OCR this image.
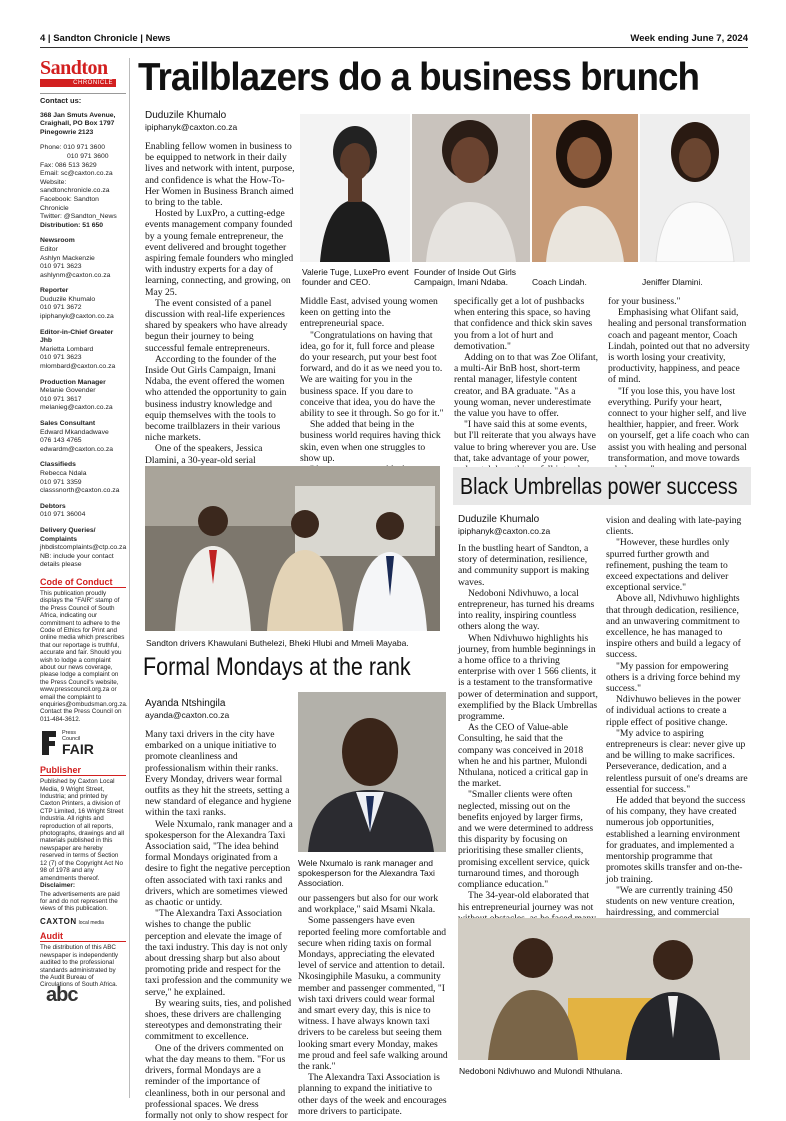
4 | Sandton Chronicle | News	Week ending June 7, 2024
Sandton
CHRONICLE
Contact us:
368 Jan Smuts Avenue, Craighall, PO Box 1797 Pinegowrie 2123
Phone: 010 971 3600
010 971 3600
Fax: 086 513 3629
Email: sc@caxton.co.za
Website: sandtonchronicle.co.za
Facebook: Sandton Chronicle
Twitter: @Sandton_News
Distribution: 51 650
Newsroom
Editor
Ashlyn Mackenzie
010 971 3623
ashlynm@caxton.co.za
Reporter
Duduzile Khumalo
010 971 3672
ipiphanyk@caxton.co.za
Editor-in-Chief Greater Jhb
Marietta Lombard
010 971 3623
mlombard@caxton.co.za
Production Manager
Melanie Govender
010 971 3617
melanieg@caxton.co.za
Sales Consultant
Edward Mkandadwave
076 143 4765
edwardm@caxton.co.za
Classifieds
Rebecca Ndala
010 971 3359
classsnorth@caxton.co.za
Debtors
010 971 36004
Delivery Queries/ Complaints
jhbdistcomplaints@ctp.co.za
NB: include your contact details please
Code of Conduct
This publication proudly displays the "FAIR" stamp of the Press Council of South Africa, indicating our commitment to adhere to the Code of Ethics for Print and online media which prescribes that our reportage is truthful, accurate and fair. Should you wish to lodge a complaint about our news coverage, please lodge a complaint on the Press Council's website, www.presscouncil.org.za or email the complaint to enquiries@ombudsman.org.za. Contact the Press Council on 011-484-3612.
Press Council
FAIR
Publisher
Published by Caxton Local Media, 9 Wright Street, Industria; and printed by Caxton Printers, a division of CTP Limited, 16 Wright Street Industria. All rights and reproduction of all reports, photographs, drawings and all materials published in this newspaper are hereby reserved in terms of Section 12 (7) of the Copyright Act No 98 of 1978 and any amendments thereof.
Disclaimer:
The advertisements are paid for and do not represent the views of this publication.
CAXTON local media
Audit
The distribution of this ABC newspaper is independently audited to the professional standards administrated by the Audit Bureau of Circulations of South Africa.
abc
Trailblazers do a business brunch
Duduzile Khumalo
ipiphanyk@caxton.co.za

Enabling fellow women in business to be equipped to network in their daily lives and network with intent, purpose, and confidence is what the How-To-Her Women in Business Branch aimed to bring to the table.

Hosted by LuxPro, a cutting-edge events management company founded by a young female entrepreneur, the event delivered and brought together aspiring female founders who mingled with industry experts for a day of learning, connecting, and growing, on May 25.

The event consisted of a panel discussion with real-life experiences shared by speakers who have already begun their journey to being successful female entrepreneurs.

According to the founder of the Inside Out Girls Campaign, Imani Ndaba, the event offered the women who attended the opportunity to gain business industry knowledge and equip themselves with the tools to become trailblazers in their various niche markets.

One of the speakers, Jessica Dlamini, a 30-year-old serial

Valerie Tuge, LuxePro event founder and CEO.
Founder of Inside Out Girls Campaign, Imani Ndaba.	Coach Lindah.	Jeniffer Dlamini.

Middle East, advised young women keen on getting into the entrepreneurial space.

"Congratulations on having that idea, go for it, full force and please do your research, put your best foot forward, and do it as we need you to. We are waiting for you in the business space. If you dare to conceive that idea, you do have the ability to see it through. So go for it."

She added that being in the business world requires having thick skin, even when one struggles to show up.

specifically get a lot of pushbacks when entering this space, so having that confidence and thick skin saves you from a lot of hurt and demotivation."

Adding on to that was Zoe Olifant, a multi-Air BnB host, short-term rental manager, lifestyle content creator, and BA graduate. "As a young woman, never underestimate the value you have to offer.

"I have said this at some events, but I'll reiterate that you always have value to bring wherever you are. Use that, take advantage of your power,

for your business."

Emphasising what Olifant said, healing and personal transformation coach and pageant mentor, Coach Lindah, pointed out that no adversity is worth losing your creativity, productivity, happiness, and peace of mind.

"If you lose this, you have lost everything. Purify your heart, connect to your higher self, and live healthier, happier, and freer. Work on yourself, get a life coach who can assist you with healing and personal transformation, and move towards

Sandton drivers Khawulani Buthelezi, Bheki Hlubi and Mmeli Mayaba.
Formal Mondays at the rank
Ayanda Ntshingila
ayanda@caxton.co.za

Many taxi drivers in the city have embarked on a unique initiative to promote cleanliness and professionalism within their ranks. Every Monday, drivers wear formal outfits as they hit the streets, setting a new standard of elegance and hygiene within the taxi ranks.

Wele Nxumalo, rank manager and a spokesperson for the Alexandra Taxi Association said, "The idea behind formal Mondays originated from a desire to fight the negative perception often associated with taxi ranks and drivers, which are sometimes viewed as chaotic or untidy.

"The Alexandra Taxi Association wishes to change the public perception and elevate the image of the taxi industry. This day is not only about dressing sharp but also about promoting pride and respect for the taxi profession and the community we serve," he explained.

By wearing suits, ties, and polished shoes, these drivers are challenging stereotypes and demonstrating their commitment to excellence.

One of the drivers commented on what the day means to them. "For us drivers, formal Mondays are a reminder of the importance of cleanliness, both in our personal and professional spaces. We dress formally not only to show respect for

Wele Nxumalo is rank manager and spokesperson for the Alexandra Taxi Association.

our passengers but also for our work and workplace," said Msami Nkala.

Some passengers have even reported feeling more comfortable and secure when riding taxis on formal Mondays, appreciating the elevated level of service and attention to detail. Nkosingiphile Masuku, a community member and passenger commented, "I wish taxi drivers could wear formal and smart every day, this is nice to witness. I have always known taxi drivers to be careless but seeing them looking smart every Monday, makes me proud and feel safe walking around the rank."

The Alexandra Taxi Association is planning to expand the initiative to other days of the week and encourages more drivers to participate.

Black Umbrellas power success
Duduzile Khumalo
ipiphanyk@caxton.co.za

In the bustling heart of Sandton, a story of determination, resilience, and community support is making waves.

Nedoboni Ndivhuwo, a local entrepreneur, has turned his dreams into reality, inspiring countless others along the way.

When Ndivhuwo highlights his journey, from humble beginnings in a home office to a thriving enterprise with over 1 566 clients, it is a testament to the transformative power of determination and support, exemplified by the Black Umbrellas programme.

As the CEO of Value-able Consulting, he said that the company was conceived in 2018 when he and his partner, Mulondi Nthulana, noticed a critical gap in the market.

"Smaller clients were often neglected, missing out on the benefits enjoyed by larger firms, and we were determined to address this disparity by focusing on prioritising these smaller clients, promising excellent service, quick turnaround times, and thorough compliance education."

The 34-year-old elaborated that his entrepreneurial journey was not

vision and dealing with late-paying clients.

"However, these hurdles only spurred further growth and refinement, pushing the team to exceed expectations and deliver exceptional service."

Above all, Ndivhuwo highlights that through dedication, resilience, and an unwavering commitment to excellence, he has managed to inspire others and build a legacy of success.

"My passion for empowering others is a driving force behind my success."

Ndivhuwo believes in the power of individual actions to create a ripple effect of positive change.

"My advice to aspiring entrepreneurs is clear: never give up and be willing to make sacrifices. Perseverance, dedication, and a relentless pursuit of one's dreams are essential for success."

He added that beyond the success of his company, they have created numerous job opportunities, established a learning environment for graduates, and implemented a mentorship programme that promotes skills transfer and on-the-job training.

"We are currently training 450 students on new venture creation, hairdressing, and commercial

Nedoboni Ndivhuwo and Mulondi Nthulana.
